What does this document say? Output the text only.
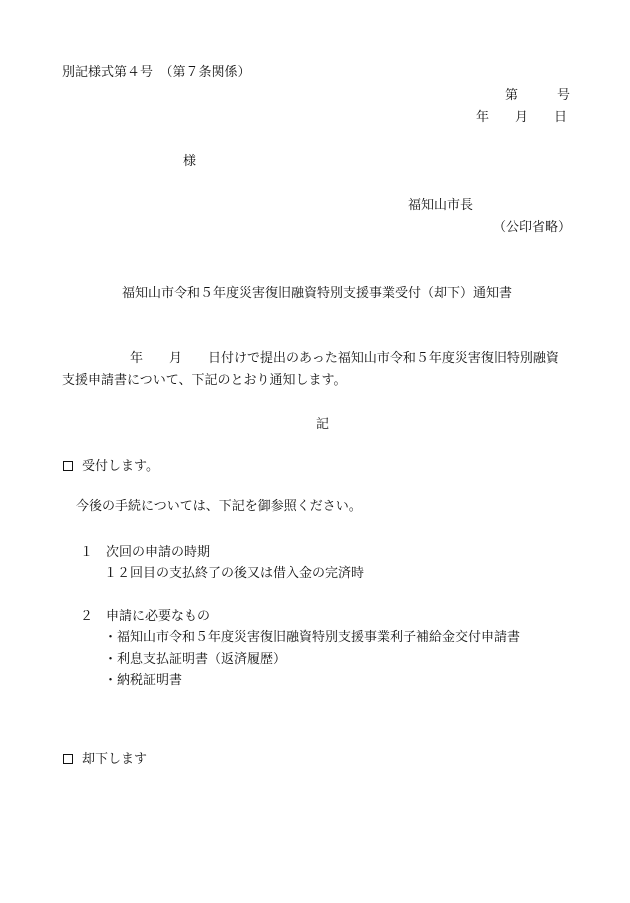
別記様式第４号　（第７条関係）
第　　　号
年　　月　　日
様
福知山市長
（公印省略）
福知山市令和５年度災害復旧融資特別支援事業受付（却下）通知書
年　　月　　日付けで提出のあった福知山市令和５年度災害復旧特別融資
支援申請書について、下記のとおり通知します。
記
受付します。
今後の手続については、下記を御参照ください。
１　次回の申請の時期
１２回目の支払終了の後又は借入金の完済時
２　申請に必要なもの
・福知山市令和５年度災害復旧融資特別支援事業利子補給金交付申請書
・利息支払証明書（返済履歴）
・納税証明書
却下します
